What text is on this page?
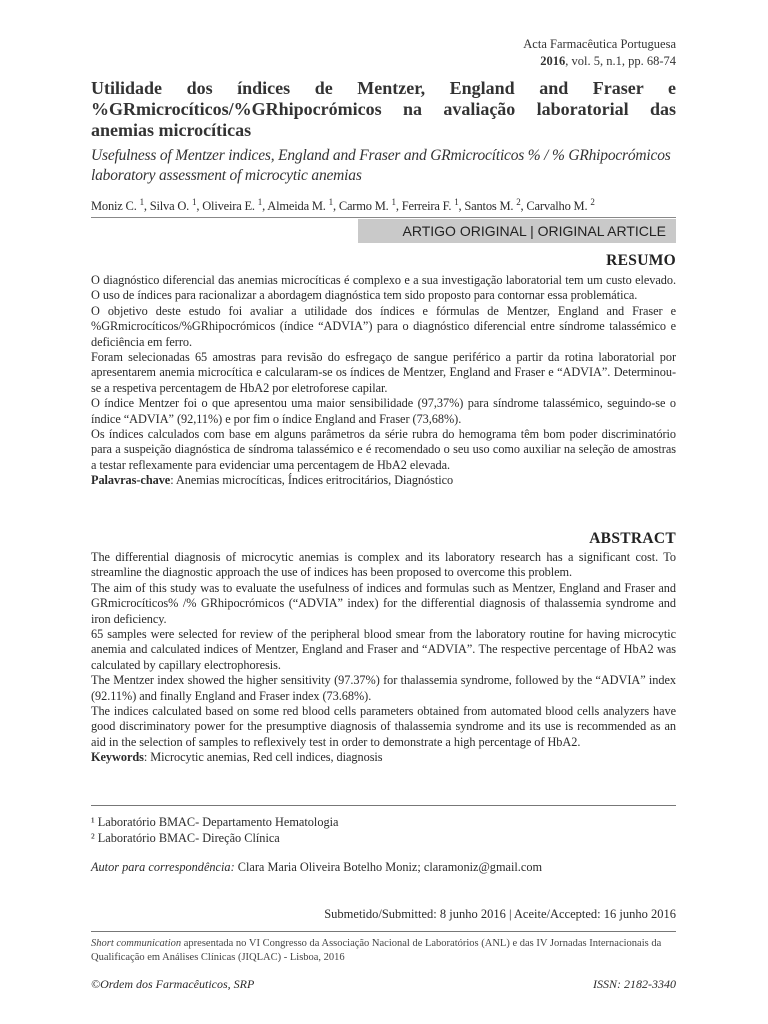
Acta Farmacêutica Portuguesa
2016, vol. 5, n.1, pp. 68-74
Utilidade dos índices de Mentzer, England and Fraser e %GRmicrocíticos/%GRhipocrómicos na avaliação laboratorial das anemias microcíticas
Usefulness of Mentzer indices, England and Fraser and GRmicrocíticos % / % GRhipocrómicos laboratory assessment of microcytic anemias
Moniz C. $^1$, Silva O. $^1$, Oliveira E. $^1$, Almeida M. $^1$, Carmo M. $^1$, Ferreira F. $^1$, Santos M. $^2$, Carvalho M. $^2$
ARTIGO ORIGINAL | ORIGINAL ARTICLE
RESUMO

O diagnóstico diferencial das anemias microcíticas é complexo e a sua investigação laboratorial tem um custo elevado. O uso de índices para racionalizar a abordagem diagnóstica tem sido proposto para contornar essa problemática.

O objetivo deste estudo foi avaliar a utilidade dos índices e fórmulas de Mentzer, England and Fraser e %GRmicrocíticos/%GRhipocrómicos (índice “ADVIA”) para o diagnóstico diferencial entre síndrome talassémico e deficiência em ferro.

Foram selecionadas 65 amostras para revisão do esfregaço de sangue periférico a partir da rotina laboratorial por apresentarem anemia microcítica e calcularam-se os índices de Mentzer, England and Fraser e “ADVIA”. Determinou-se a respetiva percentagem de HbA2 por eletroforese capilar.

O índice Mentzer foi o que apresentou uma maior sensibilidade (97,37%) para síndrome talassémico, seguindo-se o índice “ADVIA” (92,11%) e por fim o índice England and Fraser (73,68%).

Os índices calculados com base em alguns parâmetros da série rubra do hemograma têm bom poder discriminatório para a suspeição diagnóstica de síndroma talassémico e é recomendado o seu uso como auxiliar na seleção de amostras a testar reflexamente para evidenciar uma percentagem de HbA2 elevada.

Palavras-chave: Anemias microcíticas, Índices eritrocitários, Diagnóstico

ABSTRACT

The differential diagnosis of microcytic anemias is complex and its laboratory research has a significant cost. To streamline the diagnostic approach the use of indices has been proposed to overcome this problem.

The aim of this study was to evaluate the usefulness of indices and formulas such as Mentzer, England and Fraser and GRmicrocíticos% /% GRhipocrómicos (“ADVIA” index) for the differential diagnosis of thalassemia syndrome and iron deficiency.

65 samples were selected for review of the peripheral blood smear from the laboratory routine for having microcytic anemia and calculated indices of Mentzer, England and Fraser and “ADVIA”. The respective percentage of HbA2 was calculated by capillary electrophoresis.

The Mentzer index showed the higher sensitivity (97.37%) for thalassemia syndrome, followed by the “ADVIA” index (92.11%) and finally England and Fraser index (73.68%).

The indices calculated based on some red blood cells parameters obtained from automated blood cells analyzers have good discriminatory power for the presumptive diagnosis of thalassemia syndrome and its use is recommended as an aid in the selection of samples to reflexively test in order to demonstrate a high percentage of HbA2.

Keywords: Microcytic anemias, Red cell indices, diagnosis

¹ Laboratório BMAC- Departamento Hematologia
² Laboratório BMAC- Direção Clínica
Autor para correspondência: Clara Maria Oliveira Botelho Moniz; claramoniz@gmail.com
Submetido/Submitted: 8 junho 2016 | Aceite/Accepted: 16 junho 2016
Short communication apresentada no VI Congresso da Associação Nacional de Laboratórios (ANL) e das IV Jornadas Internacionais da Qualificação em Análises Clínicas (JIQLAC) - Lisboa, 2016
©Ordem dos Farmacêuticos, SRP	ISSN: 2182-3340
